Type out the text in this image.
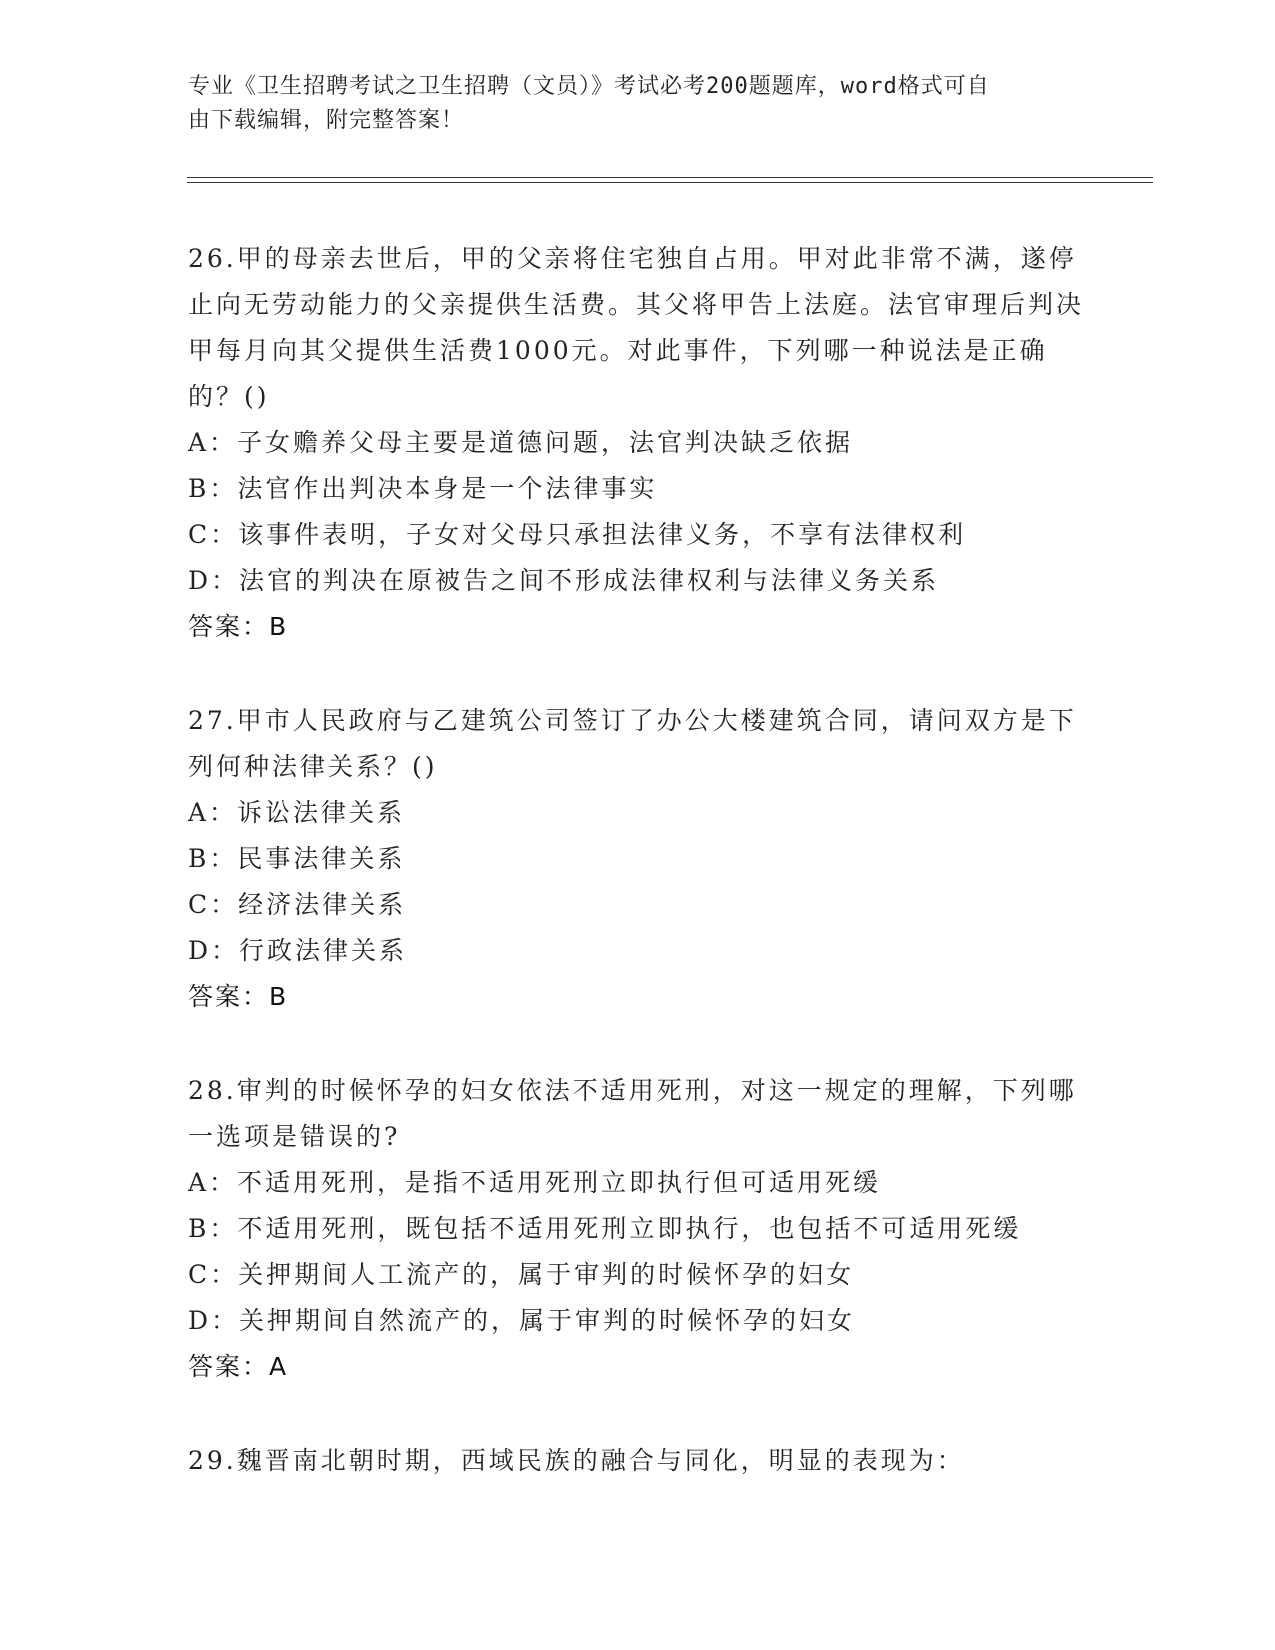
专业《卫生招聘考试之卫生招聘（文员）》考试必考200题题库，word格式可自
由下载编辑，附完整答案！
26.甲的母亲去世后，甲的父亲将住宅独自占用。甲对此非常不满，遂停止向无劳动能力的父亲提供生活费。其父将甲告上法庭。法官审理后判决甲每月向其父提供生活费1000元。对此事件，下列哪一种说法是正确的？()
A：子女赡养父母主要是道德问题，法官判决缺乏依据
B：法官作出判决本身是一个法律事实
C：该事件表明，子女对父母只承担法律义务，不享有法律权利
D：法官的判决在原被告之间不形成法律权利与法律义务关系
答案：B
27.甲市人民政府与乙建筑公司签订了办公大楼建筑合同，请问双方是下列何种法律关系？()
A：诉讼法律关系
B：民事法律关系
C：经济法律关系
D：行政法律关系
答案：B
28.审判的时候怀孕的妇女依法不适用死刑，对这一规定的理解，下列哪一选项是错误的?
A：不适用死刑，是指不适用死刑立即执行但可适用死缓
B：不适用死刑，既包括不适用死刑立即执行，也包括不可适用死缓
C：关押期间人工流产的，属于审判的时候怀孕的妇女
D：关押期间自然流产的，属于审判的时候怀孕的妇女
答案：A
29.魏晋南北朝时期，西域民族的融合与同化，明显的表现为：
